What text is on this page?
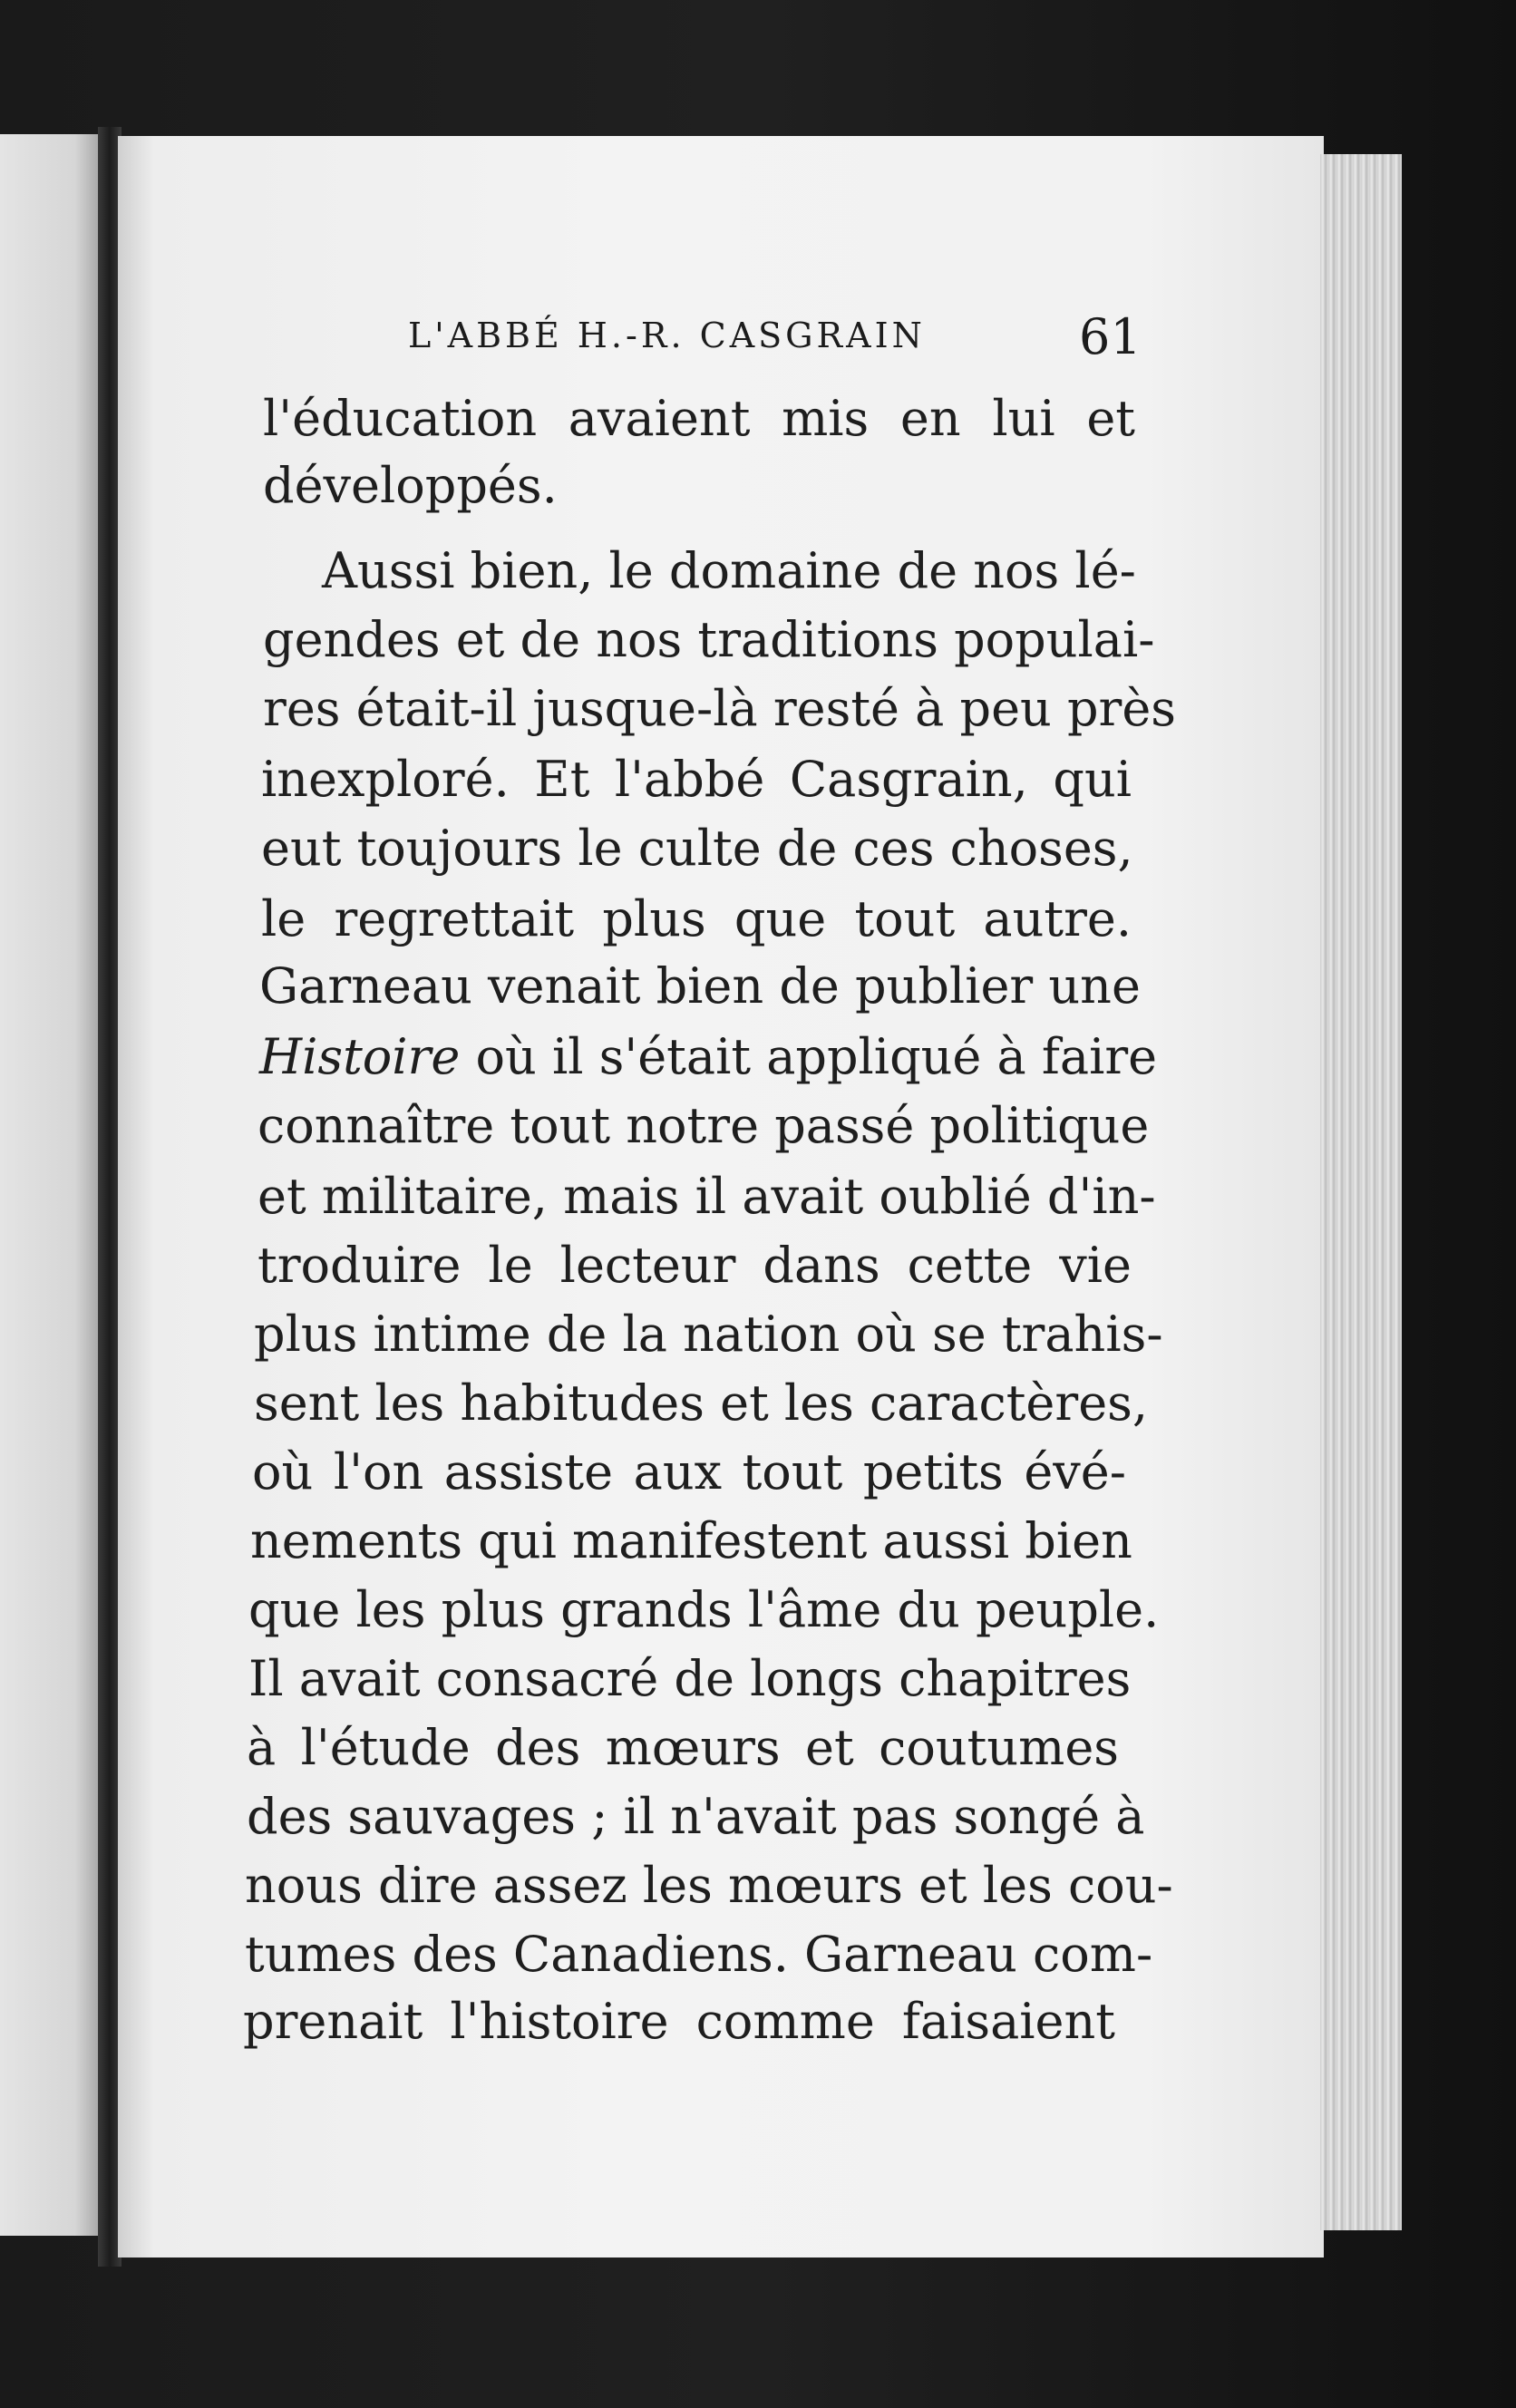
L'ABBÉ H.-R. CASGRAIN	61
l'éducation avaient mis en lui et
développés.
Aussi bien, le domaine de nos lé-
gendes et de nos traditions populai-
res était-il jusque-là resté à peu près
inexploré. Et l'abbé Casgrain, qui
eut toujours le culte de ces choses,
le regrettait plus que tout autre.
Garneau venait bien de publier une
Histoire où il s'était appliqué à faire
connaître tout notre passé politique
et militaire, mais il avait oublié d'in-
troduire le lecteur dans cette vie
plus intime de la nation où se trahis-
sent les habitudes et les caractères,
où l'on assiste aux tout petits évé-
nements qui manifestent aussi bien
que les plus grands l'âme du peuple.
Il avait consacré de longs chapitres
à l'étude des mœurs et coutumes
des sauvages ; il n'avait pas songé à
nous dire assez les mœurs et les cou-
tumes des Canadiens. Garneau com-
prenait l'histoire comme faisaient
